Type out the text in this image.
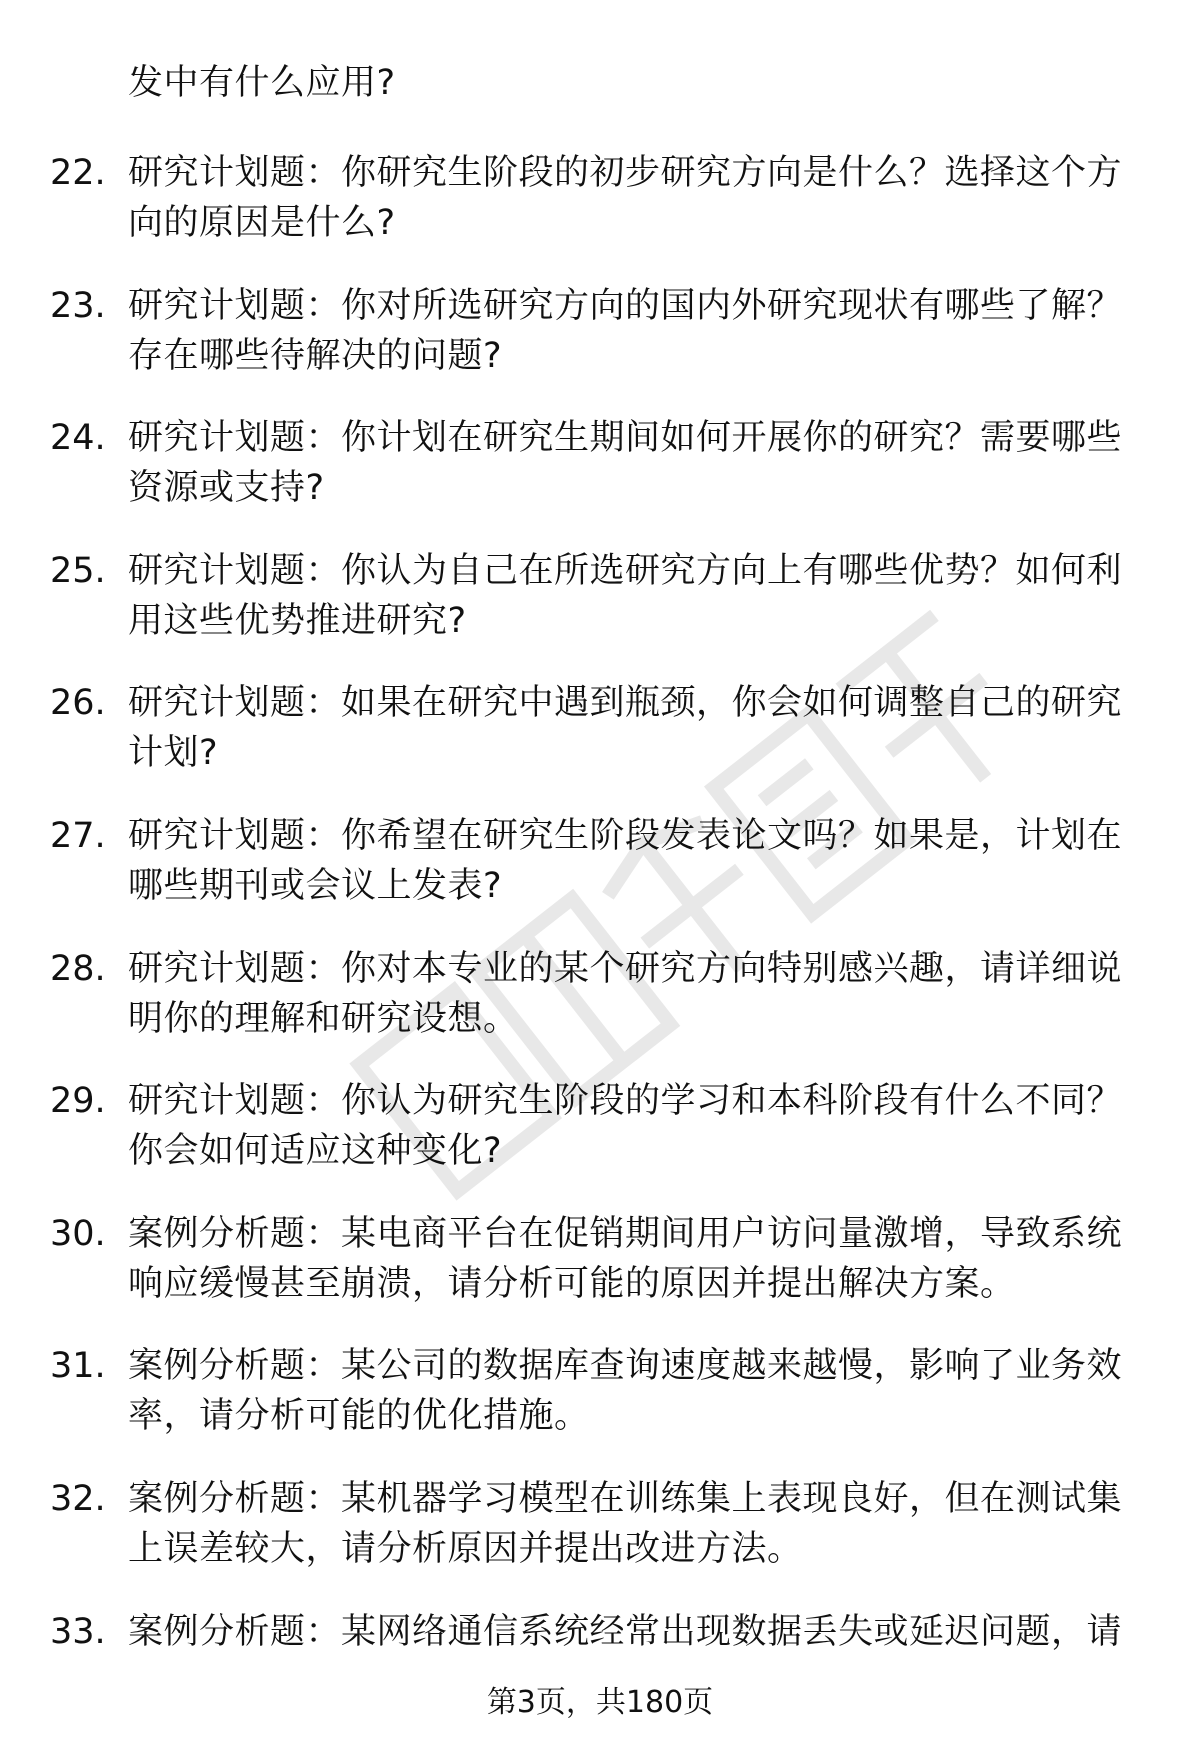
发中有什么应用?
22. 研究计划题：你研究生阶段的初步研究方向是什么？选择这个方向的原因是什么?
23. 研究计划题：你对所选研究方向的国内外研究现状有哪些了解？存在哪些待解决的问题?
24. 研究计划题：你计划在研究生期间如何开展你的研究？需要哪些资源或支持?
25. 研究计划题：你认为自己在所选研究方向上有哪些优势？如何利用这些优势推进研究?
26. 研究计划题：如果在研究中遇到瓶颈，你会如何调整自己的研究计划?
27. 研究计划题：你希望在研究生阶段发表论文吗？如果是，计划在哪些期刊或会议上发表?
28. 研究计划题：你对本专业的某个研究方向特别感兴趣，请详细说明你的理解和研究设想。
29. 研究计划题：你认为研究生阶段的学习和本科阶段有什么不同？你会如何适应这种变化?
30. 案例分析题：某电商平台在促销期间用户访问量激增，导致系统响应缓慢甚至崩溃，请分析可能的原因并提出解决方案。
31. 案例分析题：某公司的数据库查询速度越来越慢，影响了业务效率，请分析可能的优化措施。
32. 案例分析题：某机器学习模型在训练集上表现良好，但在测试集上误差较大，请分析原因并提出改进方法。
33. 案例分析题：某网络通信系统经常出现数据丢失或延迟问题，请
第3页，共180页
